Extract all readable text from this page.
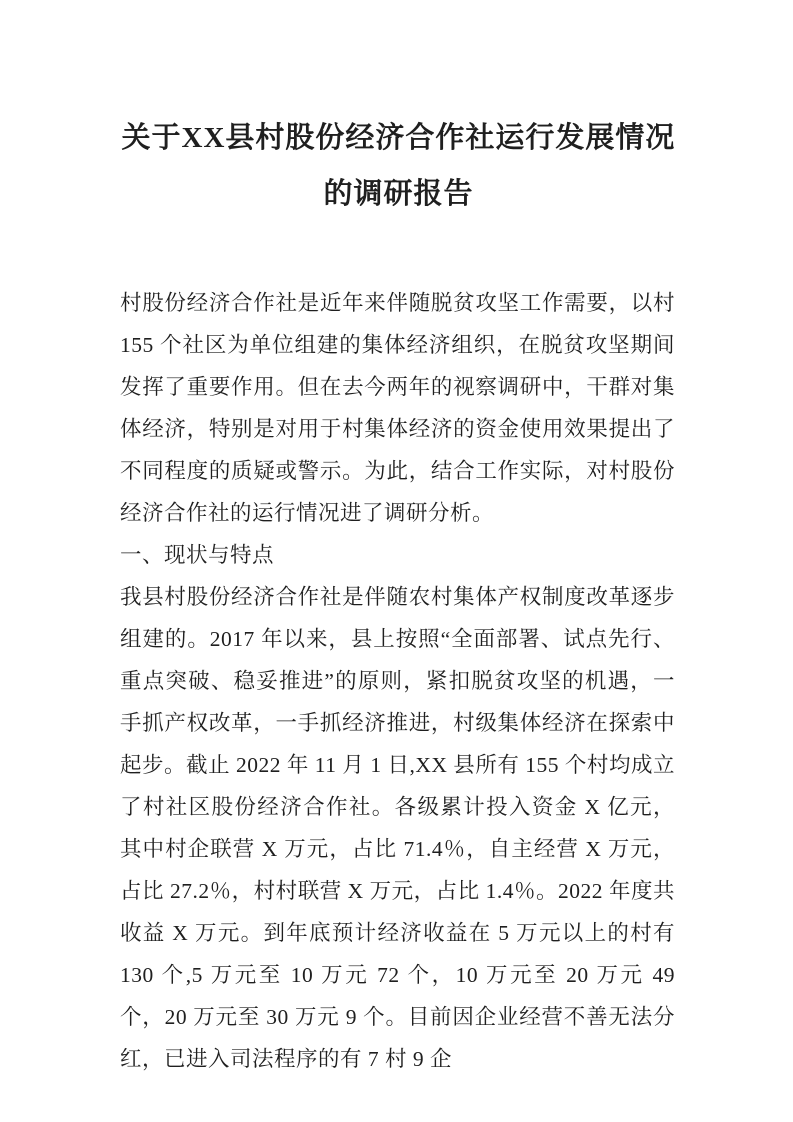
关于XX县村股份经济合作社运行发展情况的调研报告

村股份经济合作社是近年来伴随脱贫攻坚工作需要，以村 155 个社区为单位组建的集体经济组织，在脱贫攻坚期间发挥了重要作用。但在去今两年的视察调研中，干群对集体经济，特别是对用于村集体经济的资金使用效果提出了不同程度的质疑或警示。为此，结合工作实际，对村股份经济合作社的运行情况进了调研分析。

一、现状与特点

我县村股份经济合作社是伴随农村集体产权制度改革逐步组建的。2017 年以来，县上按照“全面部署、试点先行、重点突破、稳妥推进”的原则，紧扣脱贫攻坚的机遇，一手抓产权改革，一手抓经济推进，村级集体经济在探索中起步。截止 2022 年 11 月 1 日,XX 县所有 155 个村均成立了村社区股份经济合作社。各级累计投入资金 X 亿元，其中村企联营 X 万元，占比 71.4％，自主经营 X 万元，占比 27.2％，村村联营 X 万元，占比 1.4％。2022 年度共收益 X 万元。到年底预计经济收益在 5 万元以上的村有 130 个,5 万元至 10 万元 72 个，10 万元至 20 万元 49 个，20 万元至 30 万元 9 个。目前因企业经营不善无法分红，已进入司法程序的有 7 村 9 企
